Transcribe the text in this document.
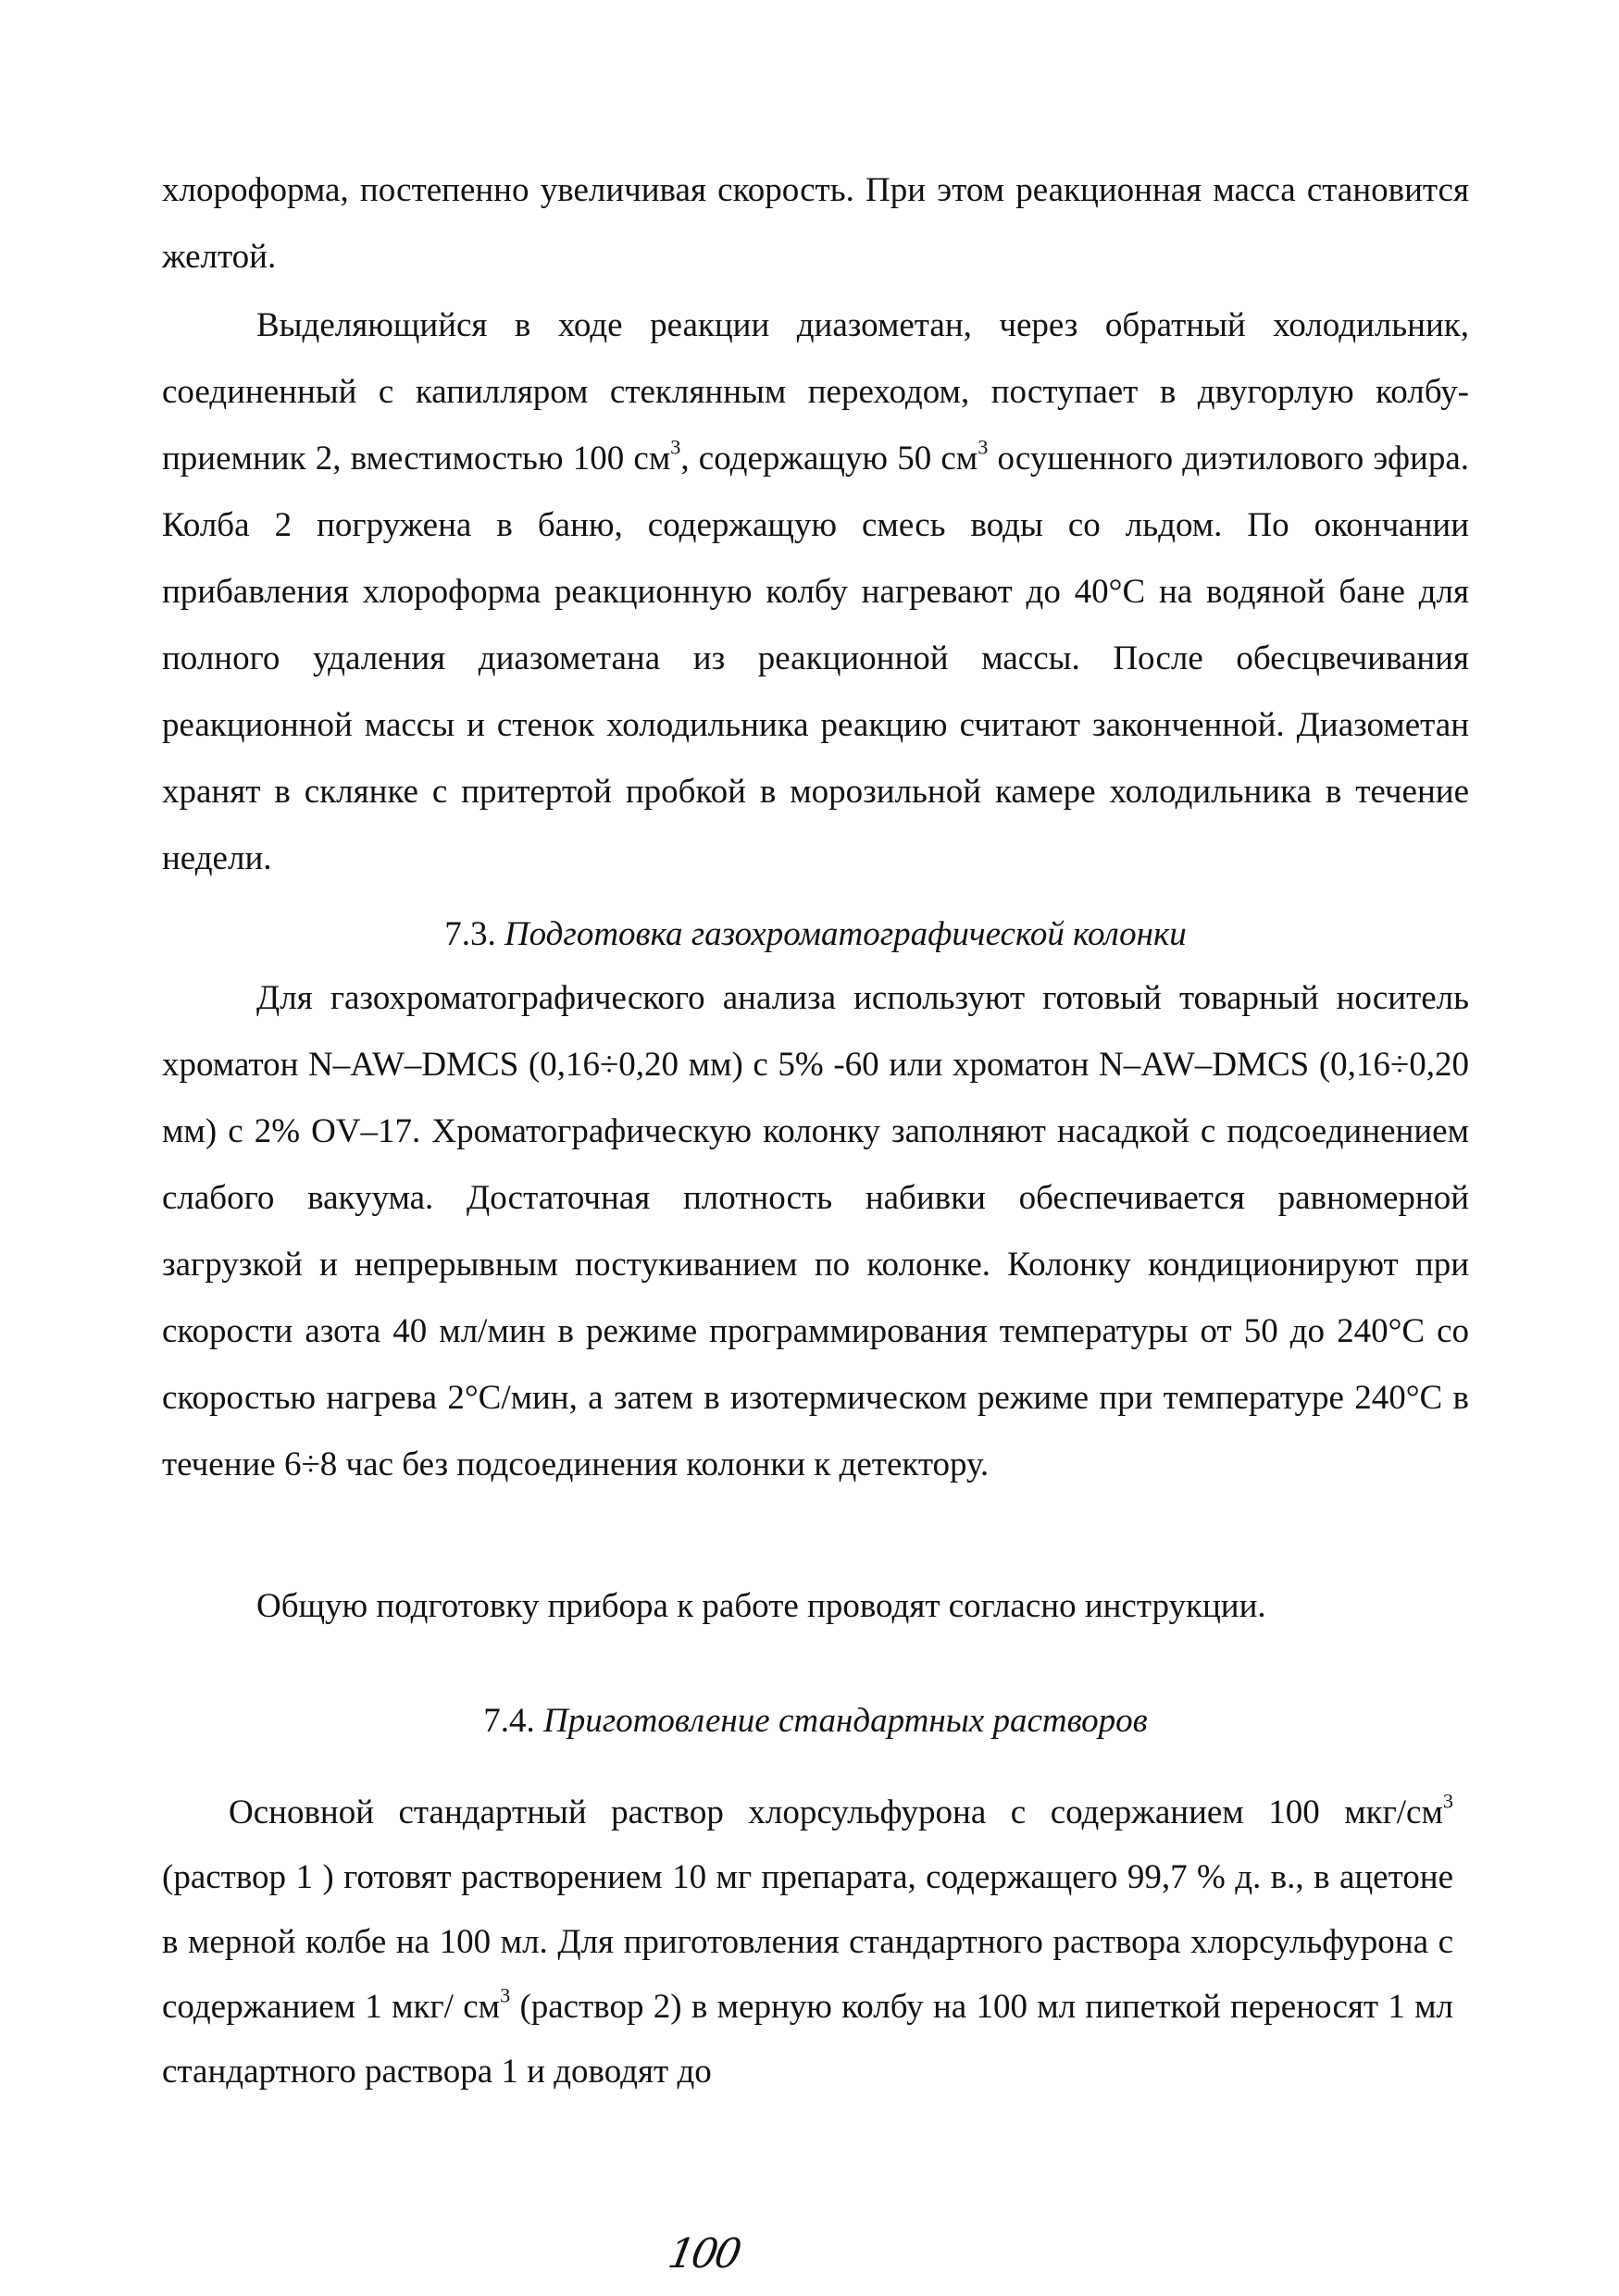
хлороформа, постепенно увеличивая скорость. При этом реакционная масса становится желтой.

Выделяющийся в ходе реакции диазометан, через обратный холодильник, соединенный с капилляром стеклянным переходом, поступает в двугорлую колбу-приемник 2, вместимостью 100 $см^3$, содержащую 50 $см^3$ осушенного диэтилового эфира. Колба 2 погружена в баню, содержащую смесь воды со льдом. По окончании прибавления хлороформа реакционную колбу нагревают до 40°С на водяной бане для полного удаления диазометана из реакционной массы. После обесцвечивания реакционной массы и стенок холодильника реакцию считают законченной. Диазометан хранят в склянке с притертой пробкой в морозильной камере холодильника в течение недели.

7.3. Подготовка газохроматографической колонки

Для газохроматографического анализа используют готовый товарный носитель хроматон N–AW–DMCS (0,16÷0,20 мм) с 5% -60 или хроматон N–AW–DMCS (0,16÷0,20 мм) с 2% OV–17. Хроматографическую колонку заполняют насадкой с подсоединением слабого вакуума. Достаточная плотность набивки обеспечивается равномерной загрузкой и непрерывным постукиванием по колонке. Колонку кондиционируют при скорости азота 40 мл/мин в режиме программирования температуры от 50 до 240°С со скоростью нагрева 2°С/мин, а затем в изотермическом режиме при температуре 240°С в течение 6÷8 час без подсоединения колонки к детектору.

Общую подготовку прибора к работе проводят согласно инструкции.

7.4. Приготовление стандартных растворов

Основной стандартный раствор хлорсульфурона с содержанием 100 мкг/$см^3$ (раствор 1 ) готовят растворением 10 мг препарата, содержащего 99,7 % д. в., в ацетоне в мерной колбе на 100 мл. Для приготовления стандартного раствора хлорсульфурона с содержанием 1 мкг/ $см^3$ (раствор 2) в мерную колбу на 100 мл пипеткой переносят 1 мл стандартного раствора 1 и доводят до

100
